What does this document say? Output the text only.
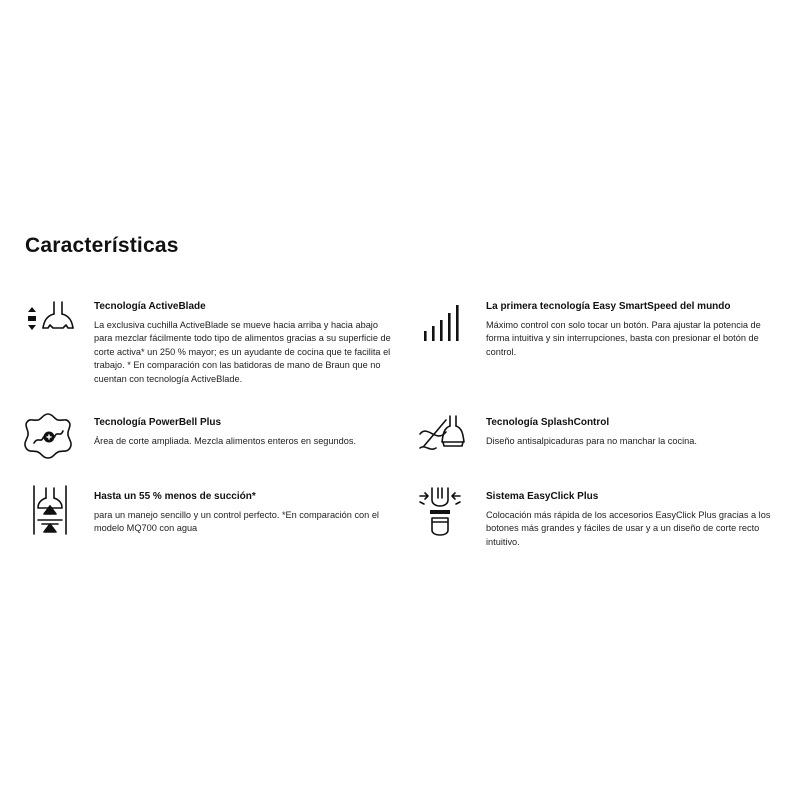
Características
Tecnología ActiveBlade
La exclusiva cuchilla ActiveBlade se mueve hacia arriba y hacia abajo para mezclar fácilmente todo tipo de alimentos gracias a su superficie de corte activa* un 250 % mayor; es un ayudante de cocina que te facilita el trabajo. * En comparación con las batidoras de mano de Braun que no cuentan con tecnología ActiveBlade.
La primera tecnología Easy SmartSpeed del mundo
Máximo control con solo tocar un botón. Para ajustar la potencia de forma intuitiva y sin interrupciones, basta con presionar el botón de control.
Tecnología PowerBell Plus
Área de corte ampliada. Mezcla alimentos enteros en segundos.
Tecnología SplashControl
Diseño antisalpicaduras para no manchar la cocina.
Hasta un 55 % menos de succión*
para un manejo sencillo y un control perfecto. *En comparación con el modelo MQ700 con agua
Sistema EasyClick Plus
Colocación más rápida de los accesorios EasyClick Plus gracias a los botones más grandes y fáciles de usar y a un diseño de corte recto intuitivo.
